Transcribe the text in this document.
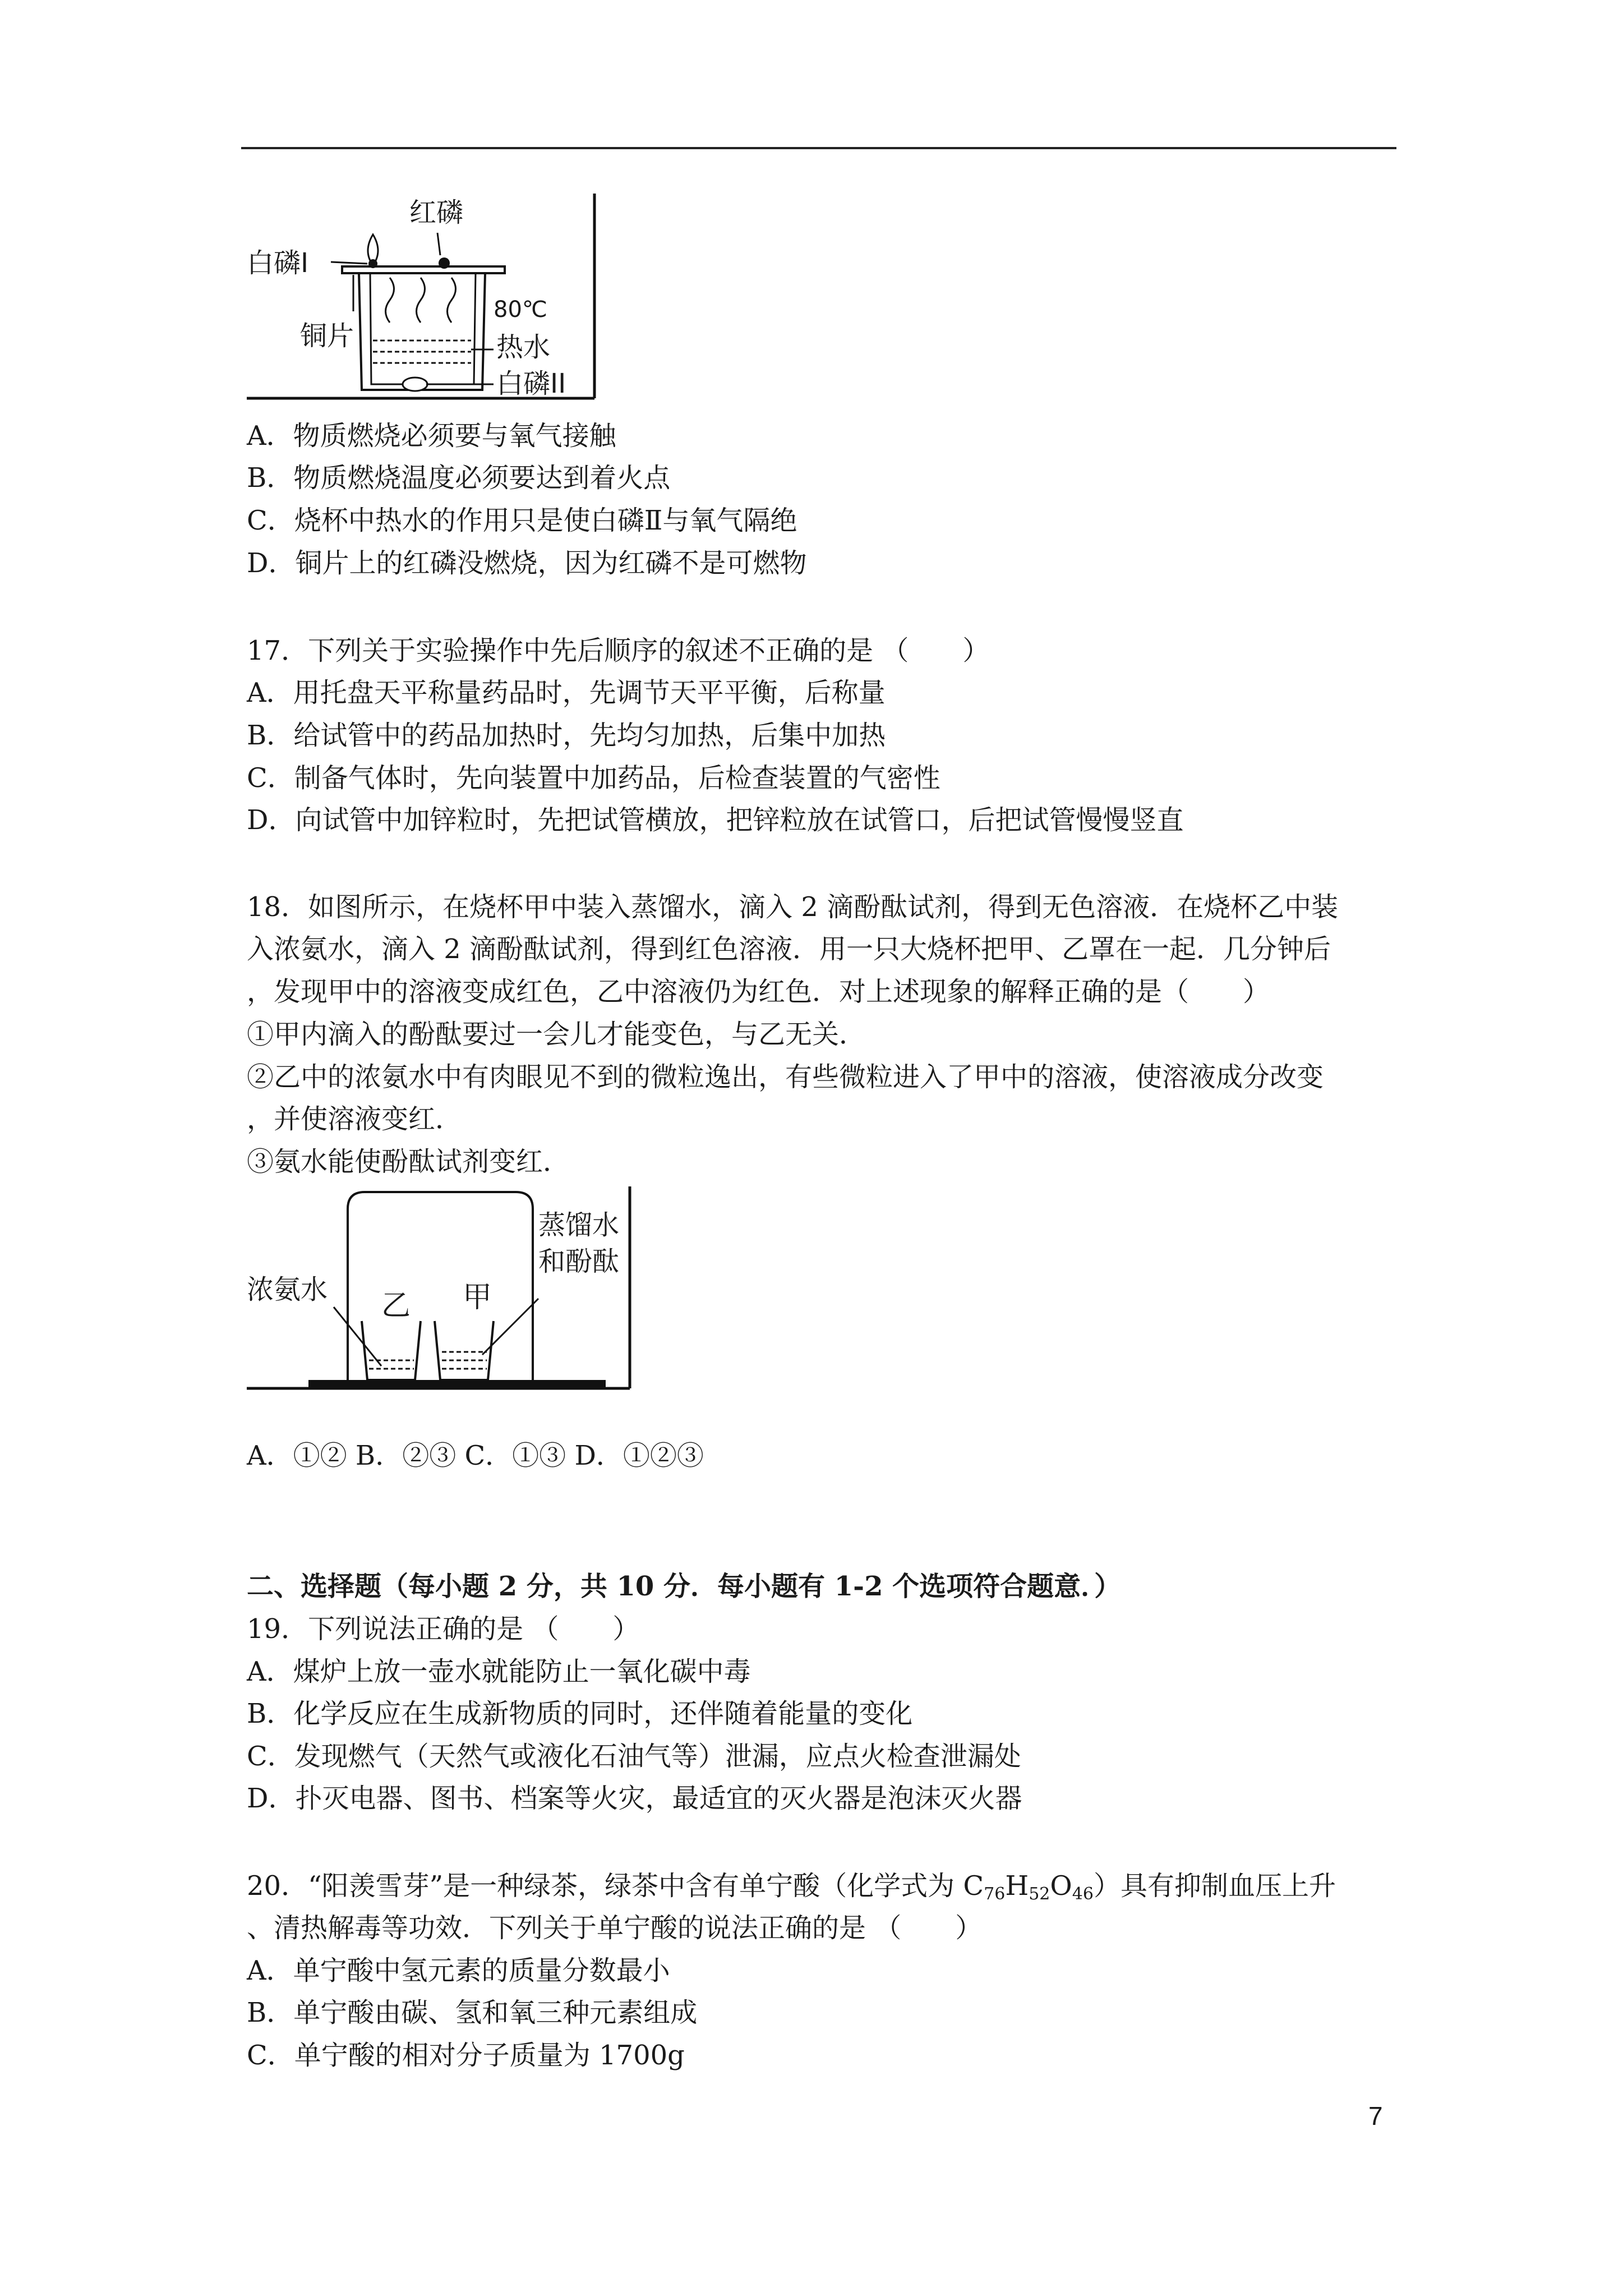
红磷
白磷I
铜片
80℃
热水
白磷II
A．物质燃烧必须要与氧气接触
B．物质燃烧温度必须要达到着火点
C．烧杯中热水的作用只是使白磷Ⅱ与氧气隔绝
D．铜片上的红磷没燃烧，因为红磷不是可燃物
17．下列关于实验操作中先后顺序的叙述不正确的是 （　　）
A．用托盘天平称量药品时，先调节天平平衡，后称量
B．给试管中的药品加热时，先均匀加热，后集中加热
C．制备气体时，先向装置中加药品，后检查装置的气密性
D．向试管中加锌粒时，先把试管横放，把锌粒放在试管口，后把试管慢慢竖直
18．如图所示，在烧杯甲中装入蒸馏水，滴入 2 滴酚酞试剂，得到无色溶液．在烧杯乙中装
入浓氨水，滴入 2 滴酚酞试剂，得到红色溶液．用一只大烧杯把甲、乙罩在一起．几分钟后
，发现甲中的溶液变成红色，乙中溶液仍为红色．对上述现象的解释正确的是（　　）
①甲内滴入的酚酞要过一会儿才能变色，与乙无关．
②乙中的浓氨水中有肉眼见不到的微粒逸出，有些微粒进入了甲中的溶液，使溶液成分改变
，并使溶液变红．
③氨水能使酚酞试剂变红．
浓氨水 乙 甲
蒸馏水
和酚酞
A．①② B．②③ C．①③ D．①②③
二、选择题（每小题 2 分，共 10 分．每小题有 1-2 个选项符合题意．）
19．下列说法正确的是 （　　）
A．煤炉上放一壶水就能防止一氧化碳中毒
B．化学反应在生成新物质的同时，还伴随着能量的变化
C．发现燃气（天然气或液化石油气等）泄漏，应点火检查泄漏处
D．扑灭电器、图书、档案等火灾，最适宜的灭火器是泡沫灭火器
20．“阳羡雪芽”是一种绿茶，绿茶中含有单宁酸（化学式为 $C_{76}H_{52}O_{46}$）具有抑制血压上升
、清热解毒等功效．下列关于单宁酸的说法正确的是 （　　）
A．单宁酸中氢元素的质量分数最小
B．单宁酸由碳、氢和氧三种元素组成
C．单宁酸的相对分子质量为 1700g
7
